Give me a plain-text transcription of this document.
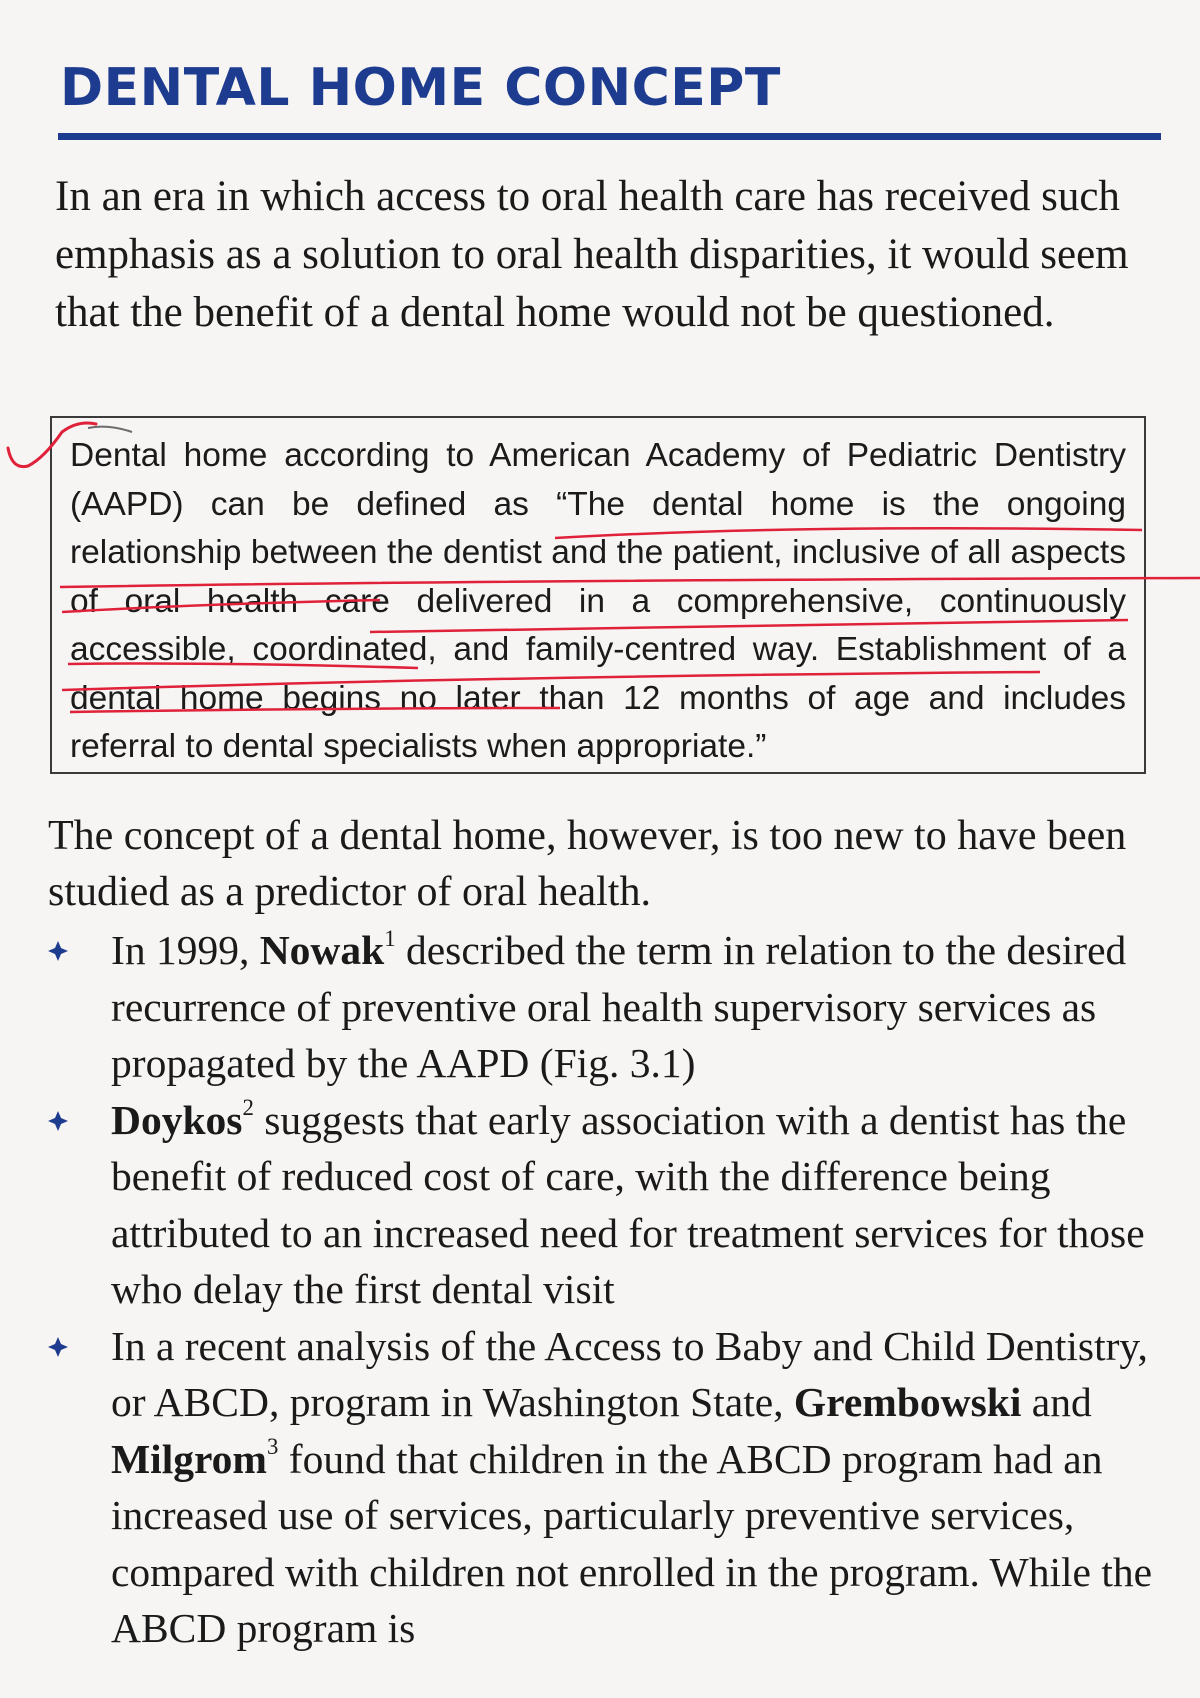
DENTAL HOME CONCEPT

In an era in which access to oral health care has received such emphasis as a solution to oral health disparities, it would seem that the benefit of a dental home would not be questioned.

Dental home according to American Academy of Pediatric Dentistry (AAPD) can be defined as “The dental home is the ongoing relationship between the dentist and the patient, inclusive of all aspects of oral health care delivered in a comprehensive, continuously accessible, coordinated, and family-centred way. Establishment of a dental home begins no later than 12 months of age and includes referral to dental specialists when appropriate.”

The concept of a dental home, however, is too new to have been studied as a predictor of oral health.

In 1999, Nowak$^1$ described the term in relation to the desired recurrence of preventive oral health supervisory services as propagated by the AAPD (Fig. 3.1)
Doykos$^2$ suggests that early association with a dentist has the benefit of reduced cost of care, with the difference being attributed to an increased need for treatment services for those who delay the first dental visit
In a recent analysis of the Access to Baby and Child Dentistry, or ABCD, program in Washington State, Grembowski and Milgrom$^3$ found that children in the ABCD program had an increased use of services, particularly preventive services, compared with children not enrolled in the program. While the ABCD program is
